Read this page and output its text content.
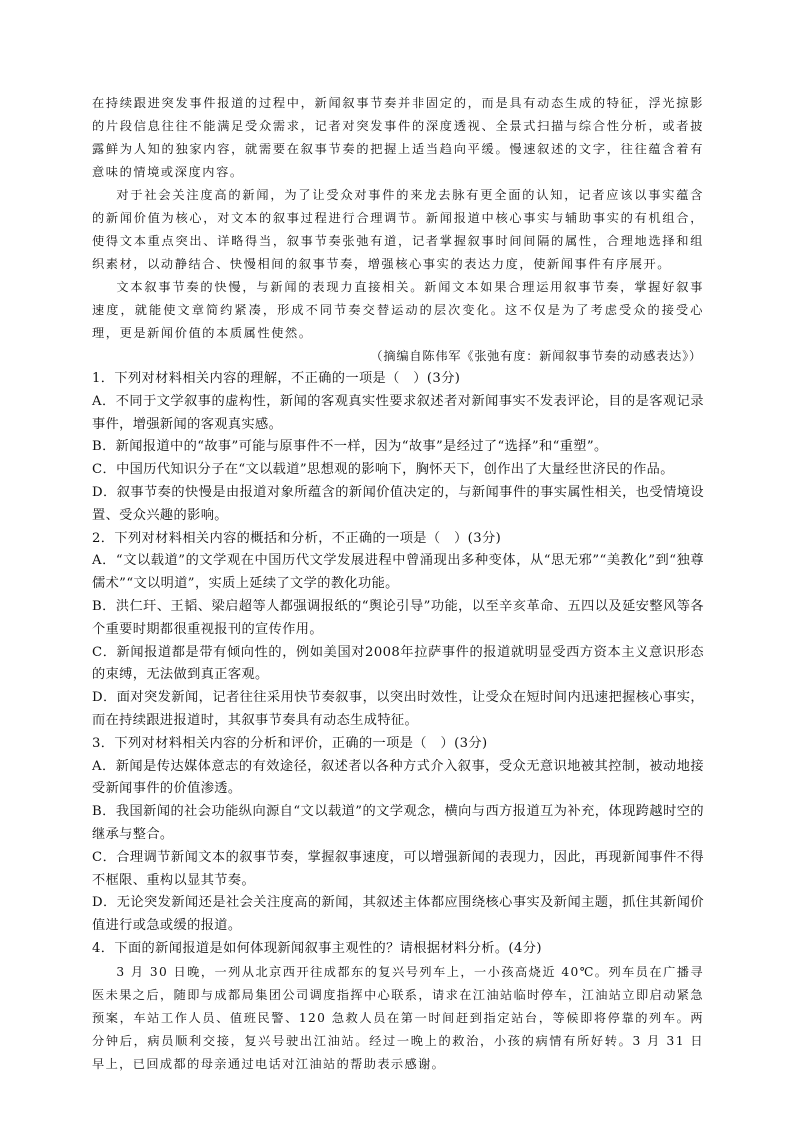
在持续跟进突发事件报道的过程中，新闻叙事节奏并非固定的，而是具有动态生成的特征，浮光掠影的片段信息往往不能满足受众需求，记者对突发事件的深度透视、全景式扫描与综合性分析，或者披露鲜为人知的独家内容，就需要在叙事节奏的把握上适当趋向平缓。慢速叙述的文字，往往蕴含着有意味的情境或深度内容。

对于社会关注度高的新闻，为了让受众对事件的来龙去脉有更全面的认知，记者应该以事实蕴含的新闻价值为核心，对文本的叙事过程进行合理调节。新闻报道中核心事实与辅助事实的有机组合，使得文本重点突出、详略得当，叙事节奏张弛有道，记者掌握叙事时间间隔的属性，合理地选择和组织素材，以动静结合、快慢相间的叙事节奏，增强核心事实的表达力度，使新闻事件有序展开。

文本叙事节奏的快慢，与新闻的表现力直接相关。新闻文本如果合理运用叙事节奏，掌握好叙事速度，就能使文章简约紧凑，形成不同节奏交替运动的层次变化。这不仅是为了考虑受众的接受心理，更是新闻价值的本质属性使然。

（摘编自陈伟军《张弛有度：新闻叙事节奏的动感表达》）

1．下列对材料相关内容的理解，不正确的一项是（　）(3分)

A．不同于文学叙事的虚构性，新闻的客观真实性要求叙述者对新闻事实不发表评论，目的是客观记录事件，增强新闻的客观真实感。

B．新闻报道中的“故事”可能与原事件不一样，因为“故事”是经过了“选择”和“重塑”。

C．中国历代知识分子在“文以载道”思想观的影响下，胸怀天下，创作出了大量经世济民的作品。

D．叙事节奏的快慢是由报道对象所蕴含的新闻价值决定的，与新闻事件的事实属性相关，也受情境设置、受众兴趣的影响。

2．下列对材料相关内容的概括和分析，不正确的一项是（　）(3分)

A．“文以载道”的文学观在中国历代文学发展进程中曾涌现出多种变体，从“思无邪”“美教化”到“独尊儒术”“文以明道”，实质上延续了文学的教化功能。

B．洪仁玕、王韬、梁启超等人都强调报纸的“舆论引导”功能，以至辛亥革命、五四以及延安整风等各个重要时期都很重视报刊的宣传作用。

C．新闻报道都是带有倾向性的，例如美国对2008年拉萨事件的报道就明显受西方资本主义意识形态的束缚，无法做到真正客观。

D．面对突发新闻，记者往往采用快节奏叙事，以突出时效性，让受众在短时间内迅速把握核心事实，而在持续跟进报道时，其叙事节奏具有动态生成特征。

3．下列对材料相关内容的分析和评价，正确的一项是（　）(3分)

A．新闻是传达媒体意志的有效途径，叙述者以各种方式介入叙事，受众无意识地被其控制，被动地接受新闻事件的价值渗透。

B．我国新闻的社会功能纵向源自“文以载道”的文学观念，横向与西方报道互为补充，体现跨越时空的继承与整合。

C．合理调节新闻文本的叙事节奏，掌握叙事速度，可以增强新闻的表现力，因此，再现新闻事件不得不框限、重构以显其节奏。

D．无论突发新闻还是社会关注度高的新闻，其叙述主体都应围绕核心事实及新闻主题，抓住其新闻价值进行或急或缓的报道。

4．下面的新闻报道是如何体现新闻叙事主观性的？请根据材料分析。(4分)

3 月 30 日晚，一列从北京西开往成都东的复兴号列车上，一小孩高烧近 40℃。列车员在广播寻医未果之后，随即与成都局集团公司调度指挥中心联系，请求在江油站临时停车，江油站立即启动紧急预案，车站工作人员、值班民警、120 急救人员在第一时间赶到指定站台，等候即将停靠的列车。两分钟后，病员顺利交接，复兴号驶出江油站。经过一晚上的救治，小孩的病情有所好转。3 月 31 日早上，已回成都的母亲通过电话对江油站的帮助表示感谢。
